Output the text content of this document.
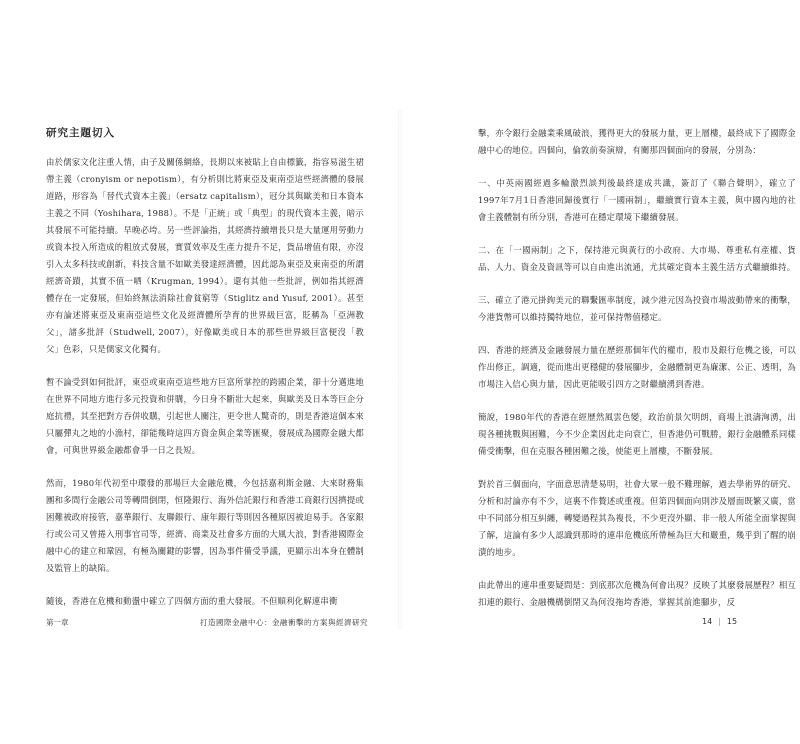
研究主題切入

由於儒家文化注重人情，由子及關係網絡，長期以來被貼上自由標籤，指容易滋生裙帶主義（cronyism or nepotism），有分析則比將東亞及東南亞這些經濟體的發展道路，形容為「替代式資本主義」（ersatz capitalism），冠分其與歐美和日本資本主義之不同（Yoshihara, 1988）。不是「正統」或「典型」的現代資本主義，暗示其發展不可能持續。早晚必垮。另一些評論指，其經濟持續增長只是大量運用勞動力或資本投入所造成的粗放式發展，實質效率及生產力提升不足，貨品增值有限，亦沒引入太多科技或創新，料技含量不如歐美發達經濟體，因此認為東亞及東南亞的所謂經濟奇蹟，其實不值一哂（Krugman, 1994）。還有其他一些批評，例如指其經濟體存在一定發展，但始終無法消除社會貧窮等（Stiglitz and Yusuf, 2001）。甚至亦有論述將東亞及東南亞這些文化及經濟體所孕育的世界級巨富，貶稱為「亞洲教父」，諸多批評（Studwell, 2007），好像歐美或日本的那些世界級巨富便沒「教父」色彩，只是儒家文化獨有。

暫不論受到如何批評，東亞或東南亞這些地方巨富所掌控的跨國企業，卻十分邁進地在世界不同地方進行多元投資和併購，今日身不斷壯大起來，與歐美及日本等巨企分庭抗禮，其至把對方吞併收購，引起世人關注，更令世人驚奇的，則是香港這個本來只屬彈丸之地的小漁村，卻能幾時這四方資金與企業等匯聚，發展成為國際金融大都會，可與世界級金融都會爭一日之長短。

然而，1980年代初至中環發的那場巨大金融危機，今包括嘉利斯金融、大來財務集團和多間行金融公司等轉問倒閉，恒隆銀行、海外信託銀行和香港工商銀行因擠提或困難被政府接管，嘉華銀行、友聯銀行、康年銀行等則因各種原因被迫易手。各家銀行或公司又曾捲入刑事官司等，經濟、商業及社會多方面的大風大浪，對香港國際金融中心的建立和鞏固，有極為關鍵的影響，因為事件備受爭議，更顯示出本身在體制及監管上的缺陷。

隨後，香港在危機和動盪中確立了四個方面的重大發展。不但順利化解連串衝

第一章	打造國際金融中心：金融衝擊的方案與經濟研究

擊，亦令銀行金融業乘風破浪，獲得更大的發展力量，更上層樓，最終成下了國際金融中心的地位。四個向，倫敦前奏演辯，有關那四個面向的發展，分別為：

一、中英兩國經過多輪激烈談判後最終達成共識，簽訂了《聯合聲明》，確立了1997年7月1日香港回歸後實行「一國兩制」，繼續實行資本主義，與中國內地的社會主義體制有所分別，香港可在穩定環境下繼續發展。

二、在「一國兩制」之下，保持港元與黃行的小政府、大市場、尊重私有產權、貨品、人力、資金及資訊等可以自由進出流通，尤其確定資本主義生活方式繼續維持。

三、確立了港元掛鉤美元的聯繫匯率制度，減少港元因為投資市場波動帶來的衝擊，今港貨幣可以維持獨特地位，並可保持幣值穩定。

四、香港的經濟及金融發展力量在歷經那個年代的權市，股市及銀行危機之後，可以作出修正，調適，從而進出更穩健的發展腳步，金融體制更為廉潔、公正、透明，為市場注入信心與力量，因此更能吸引四方之財繼續湧到香港。

簡說，1980年代的香港在經歷然風雲色變，政治前景欠明朗，商場上浪濤洶湧，出現各種挑戰與困難，今不少企業因此走向衰亡，但香港仍可戰勝，銀行金融體系同樣備受衝擊，但在克服各種困難之後，使能更上層樓，不斷發展。

對於首三個面向，字面意思清楚易明，社會大眾一般不難理解，過去學術界的研究、分析和討論亦有不少，這裏不作贅述或重複。但第四個面向則涉及層面既繁又廣，當中不同部分相互糾纏，轉變過程其為複長，不少更沒外顯、非一般人所能全面掌握與了解，這論有多少人認識到那時的連串危機底所帶極為巨大和嚴重，幾乎到了醒的崩潰的地步。

由此帶出的連串重要疑問是：到底那次危機為何會出現？反映了其麼發展歷程？相互扣連的銀行、金融機構倒閉又為何沒拖垮香港，掌握其前進腳步，反

14 | 15
